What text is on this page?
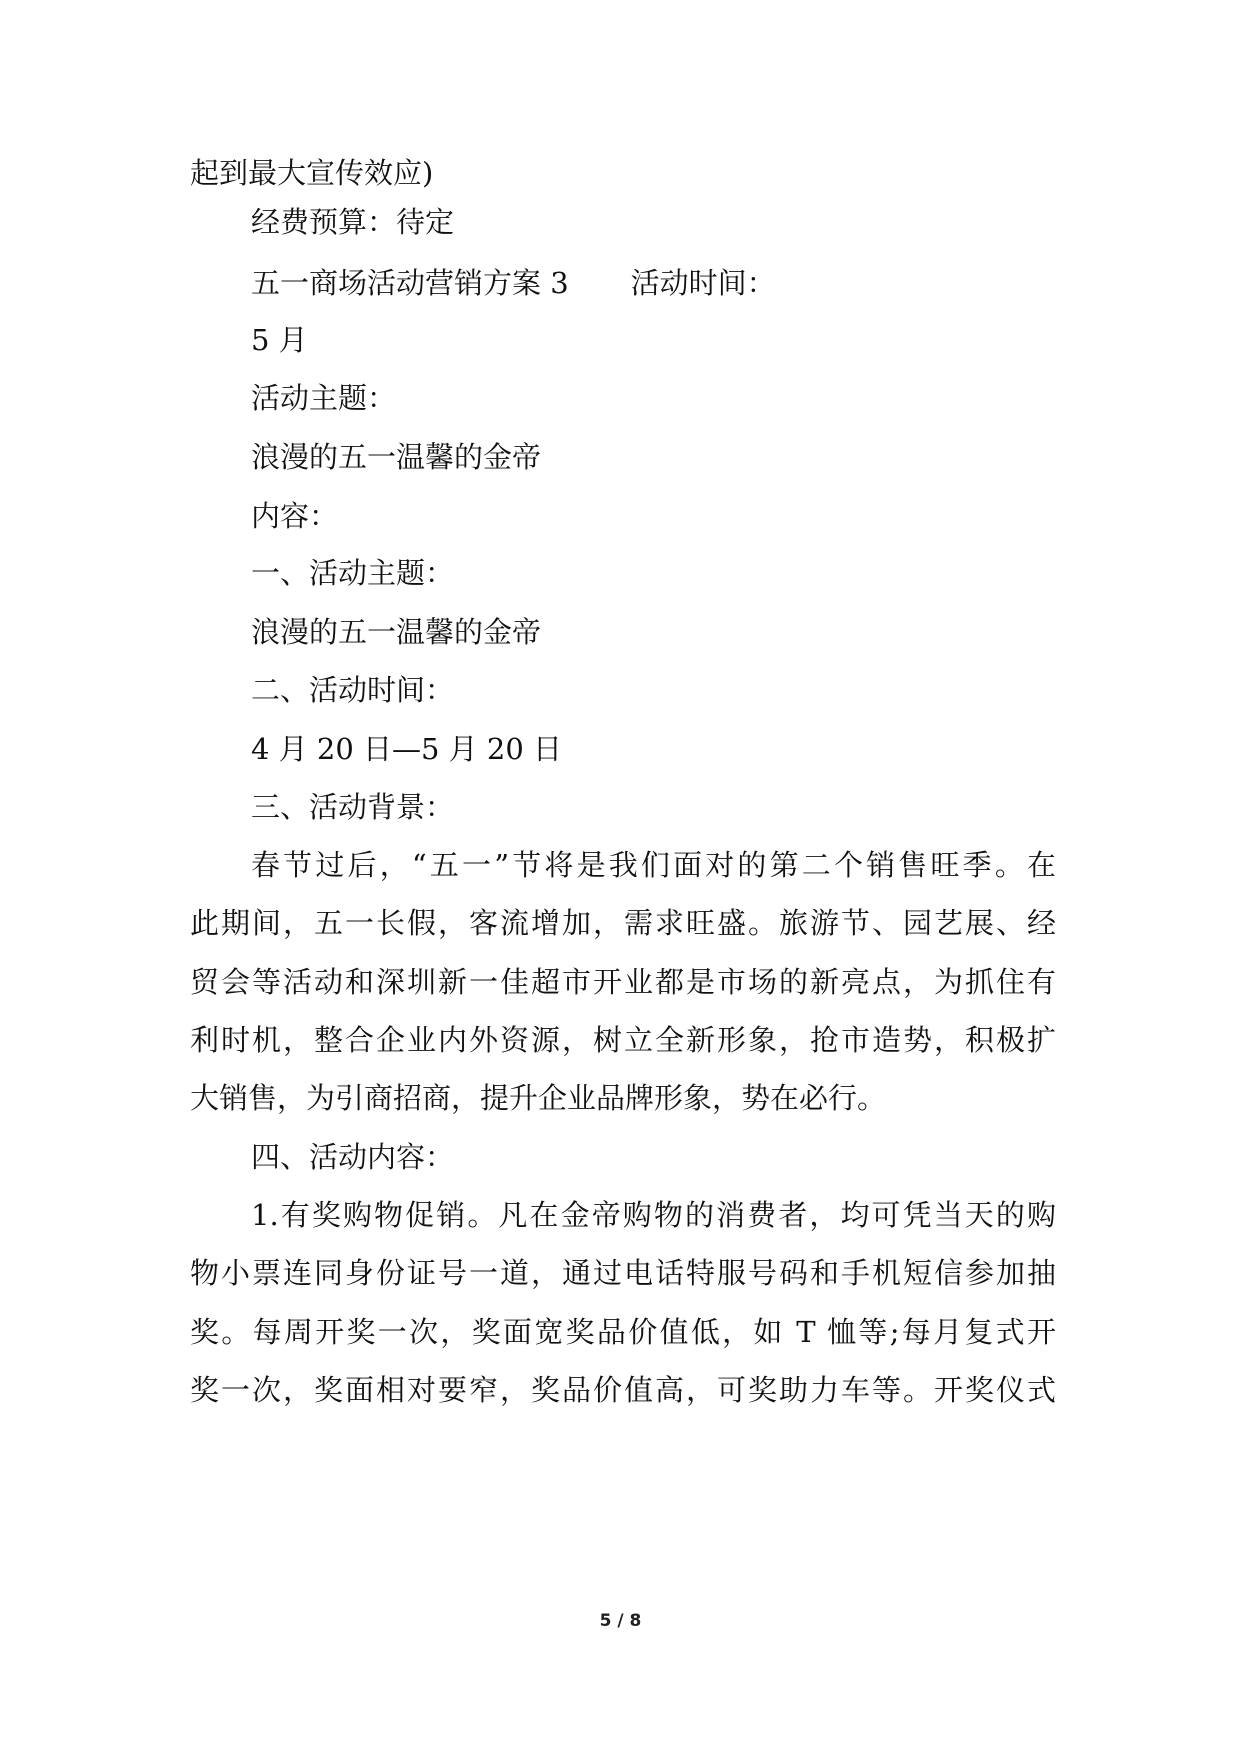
起到最大宣传效应)
经费预算：待定
五一商场活动营销方案 3 活动时间：
5 月
活动主题：
浪漫的五一温馨的金帝
内容：
一、活动主题：
浪漫的五一温馨的金帝
二、活动时间：
4 月 20 日—5 月 20 日
三、活动背景：
春节过后，“五一”节将是我们面对的第二个销售旺季。在
此期间，五一长假，客流增加，需求旺盛。旅游节、园艺展、经
贸会等活动和深圳新一佳超市开业都是市场的新亮点，为抓住有
利时机，整合企业内外资源，树立全新形象，抢市造势，积极扩
大销售，为引商招商，提升企业品牌形象，势在必行。
四、活动内容：
1.有奖购物促销。凡在金帝购物的消费者，均可凭当天的购
物小票连同身份证号一道，通过电话特服号码和手机短信参加抽
奖。每周开奖一次，奖面宽奖品价值低，如 T 恤等;每月复式开
奖一次，奖面相对要窄，奖品价值高，可奖助力车等。开奖仪式
5 / 8
